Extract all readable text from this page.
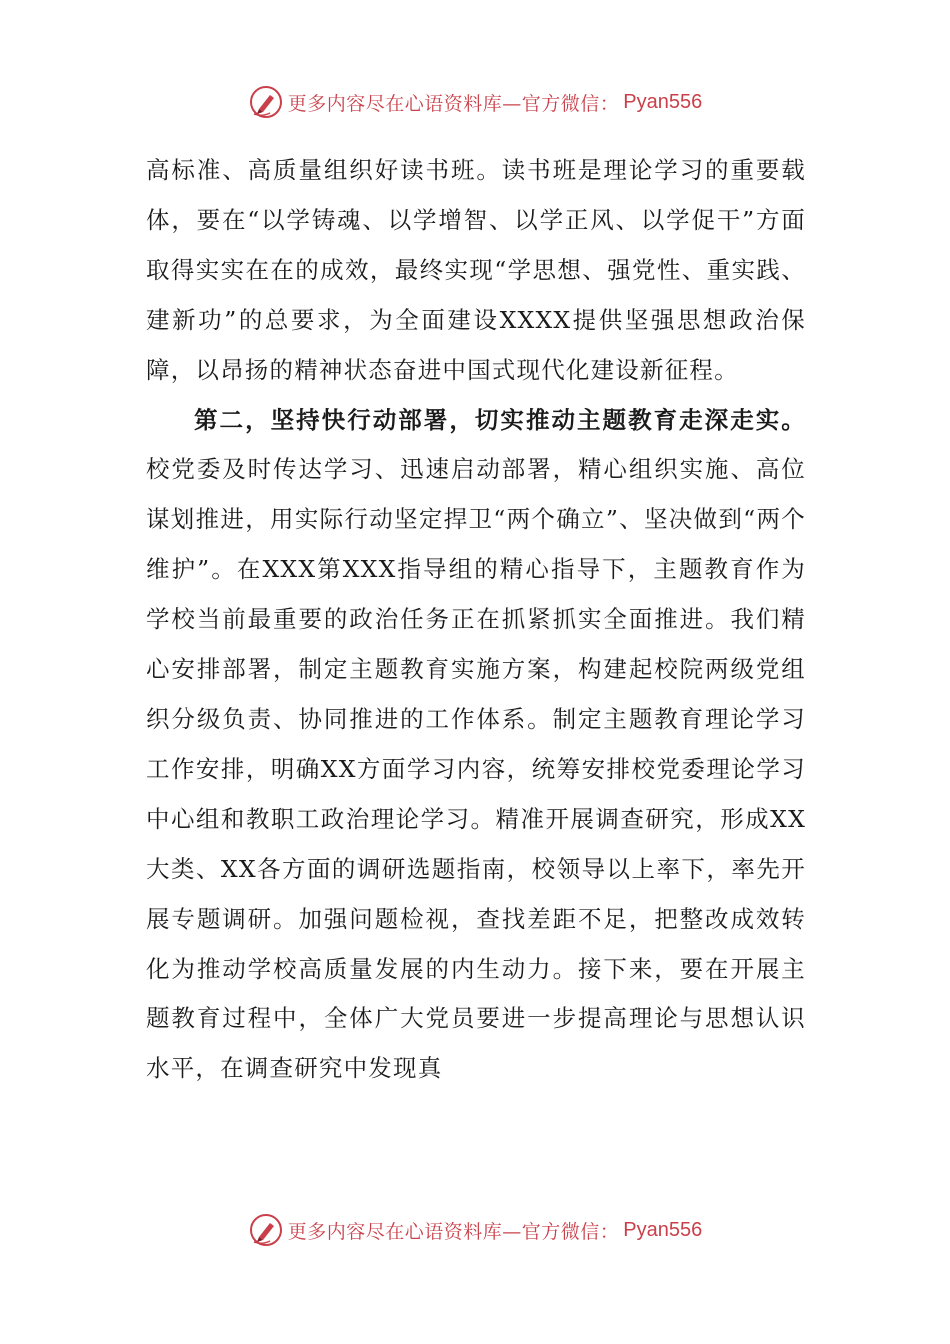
更多内容尽在心语资料库—官方微信： Pyan556

高标准、高质量组织好读书班。读书班是理论学习的重要载体，要在“以学铸魂、以学增智、以学正风、以学促干”方面取得实实在在的成效，最终实现“学思想、强党性、重实践、建新功”的总要求，为全面建设XXXX提供坚强思想政治保障，以昂扬的精神状态奋进中国式现代化建设新征程。

第二，坚持快行动部署，切实推动主题教育走深走实。校党委及时传达学习、迅速启动部署，精心组织实施、高位谋划推进，用实际行动坚定捍卫“两个确立”、坚决做到“两个维护”。在XXX第XXX指导组的精心指导下，主题教育作为学校当前最重要的政治任务正在抓紧抓实全面推进。我们精心安排部署，制定主题教育实施方案，构建起校院两级党组织分级负责、协同推进的工作体系。制定主题教育理论学习工作安排，明确XX方面学习内容，统筹安排校党委理论学习中心组和教职工政治理论学习。精准开展调查研究，形成XX大类、XX各方面的调研选题指南，校领导以上率下，率先开展专题调研。加强问题检视，查找差距不足，把整改成效转化为推动学校高质量发展的内生动力。接下来，要在开展主题教育过程中，全体广大党员要进一步提高理论与思想认识水平，在调查研究中发现真

更多内容尽在心语资料库—官方微信： Pyan556
